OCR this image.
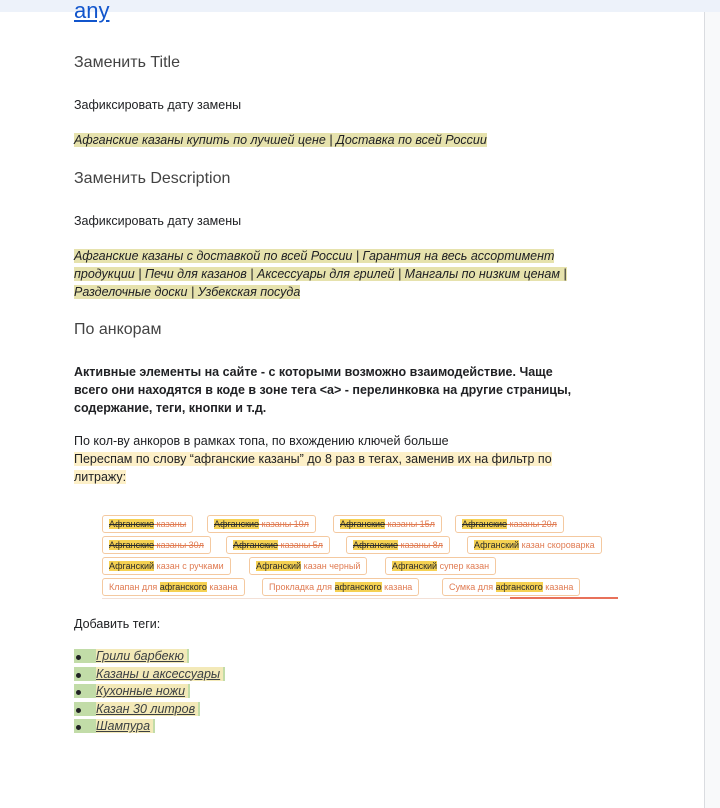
any
Заменить Title

Зафиксировать дату замены

Афганские казаны купить по лучшей цене | Доставка по всей России

Заменить Description

Зафиксировать дату замены

Афганские казаны с доставкой по всей России | Гарантия на весь ассортимент
продукции | Печи для казанов | Аксессуары для грилей | Мангалы по низким ценам |
Разделочные доски | Узбекская посуда
По анкорам
Активные элементы на сайте - с которыми возможно взаимодействие. Чаще
всего они находятся в коде в зоне тега <a> - перелинковка на другие страницы,
содержание, теги, кнопки и т.д.
По кол-ву анкоров в рамках топа, по вхождению ключей больше
Переспам по слову “афганские казаны” до 8 раз в тегах, заменив их на фильтр по
литражу:
Афганские казаны	Афганские казаны 10л	Афганские казаны 15л	Афганские казаны 20л
Афганские казаны 30л	Афганские казаны 5л	Афганские казаны 8л	Афганский казан скороварка
Афганский казан с ручками	Афганский казан черный	Афганский супер казан
Клапан для афганского казана	Прокладка для афганского казана	Сумка для афганского казана

Добавить теги:

Грили барбекю
Казаны и аксессуары
Кухонные ножи
Казан 30 литров
Шампура
